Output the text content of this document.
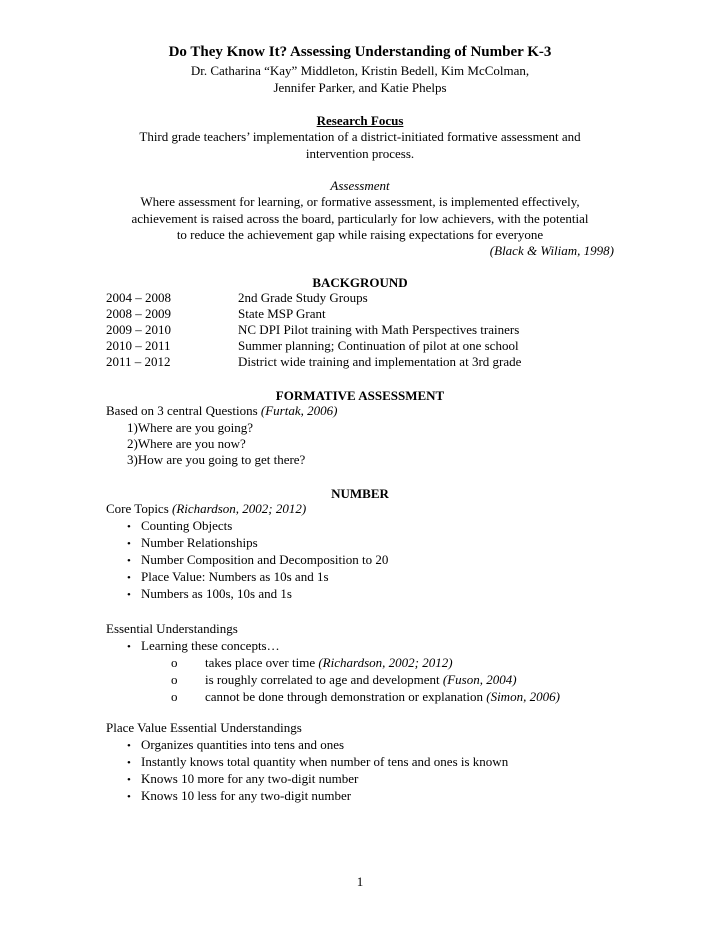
Do They Know It? Assessing Understanding of Number K-3
Dr. Catharina “Kay” Middleton, Kristin Bedell, Kim McColman,
Jennifer Parker, and Katie Phelps
Research Focus
Third grade teachers’ implementation of a district-initiated formative assessment and
intervention process.
Assessment
Where assessment for learning, or formative assessment, is implemented effectively,
achievement is raised across the board, particularly for low achievers, with the potential
to reduce the achievement gap while raising expectations for everyone
(Black & Wiliam, 1998)
BACKGROUND
2004 – 2008	2nd Grade Study Groups
2008 – 2009	State MSP Grant
2009 – 2010	NC DPI Pilot training with Math Perspectives trainers
2010 – 2011	Summer planning; Continuation of pilot at one school
2011 – 2012	District wide training and implementation at 3rd grade
FORMATIVE ASSESSMENT
Based on 3 central Questions (Furtak, 2006)
1)Where are you going?
2)Where are you now?
3)How are you going to get there?
NUMBER
Core Topics (Richardson, 2002; 2012)
• Counting Objects
• Number Relationships
• Number Composition and Decomposition to 20
• Place Value: Numbers as 10s and 1s
• Numbers as 100s, 10s and 1s
Essential Understandings
• Learning these concepts…
o takes place over time (Richardson, 2002; 2012)
o is roughly correlated to age and development (Fuson, 2004)
o cannot be done through demonstration or explanation (Simon, 2006)
Place Value Essential Understandings
• Organizes quantities into tens and ones
• Instantly knows total quantity when number of tens and ones is known
• Knows 10 more for any two-digit number
• Knows 10 less for any two-digit number
1
